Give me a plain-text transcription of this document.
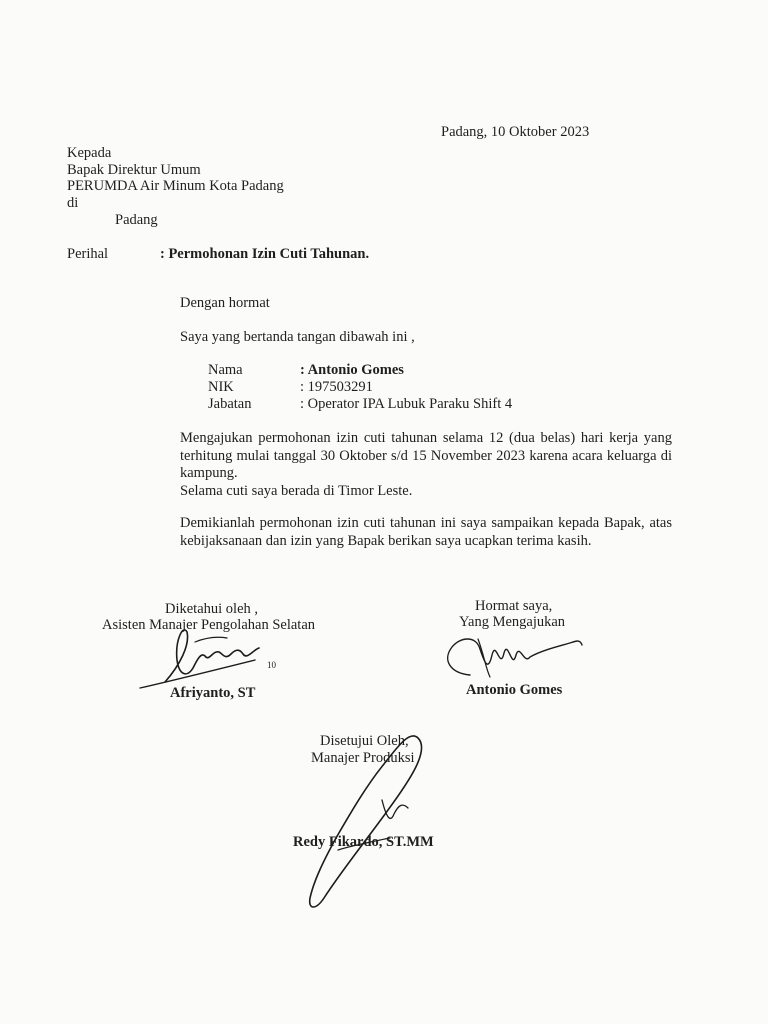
Padang, 10 Oktober 2023
Kepada
Bapak Direktur Umum
PERUMDA Air Minum Kota Padang
di
Padang
Perihal	: Permohonan Izin Cuti Tahunan.
Dengan hormat
Saya yang bertanda tangan dibawah ini ,
Nama	: Antonio Gomes
NIK	: 197503291
Jabatan	: Operator IPA Lubuk Paraku Shift 4

Mengajukan permohonan izin cuti tahunan selama 12 (dua belas) hari kerja yang terhitung mulai tanggal 30 Oktober s/d 15 November 2023 karena acara keluarga di kampung.

Selama cuti saya berada di Timor Leste.

Demikianlah permohonan izin cuti tahunan ini saya sampaikan kepada Bapak, atas kebijaksanaan dan izin yang Bapak berikan saya ucapkan terima kasih.

Diketahui oleh ,
Asisten Manajer Pengolahan Selatan
10
Afriyanto, ST
Hormat saya,
Yang Mengajukan
Antonio Gomes
Disetujui Oleh,
Manajer Produksi
Redy Fikardo, ST.MM
